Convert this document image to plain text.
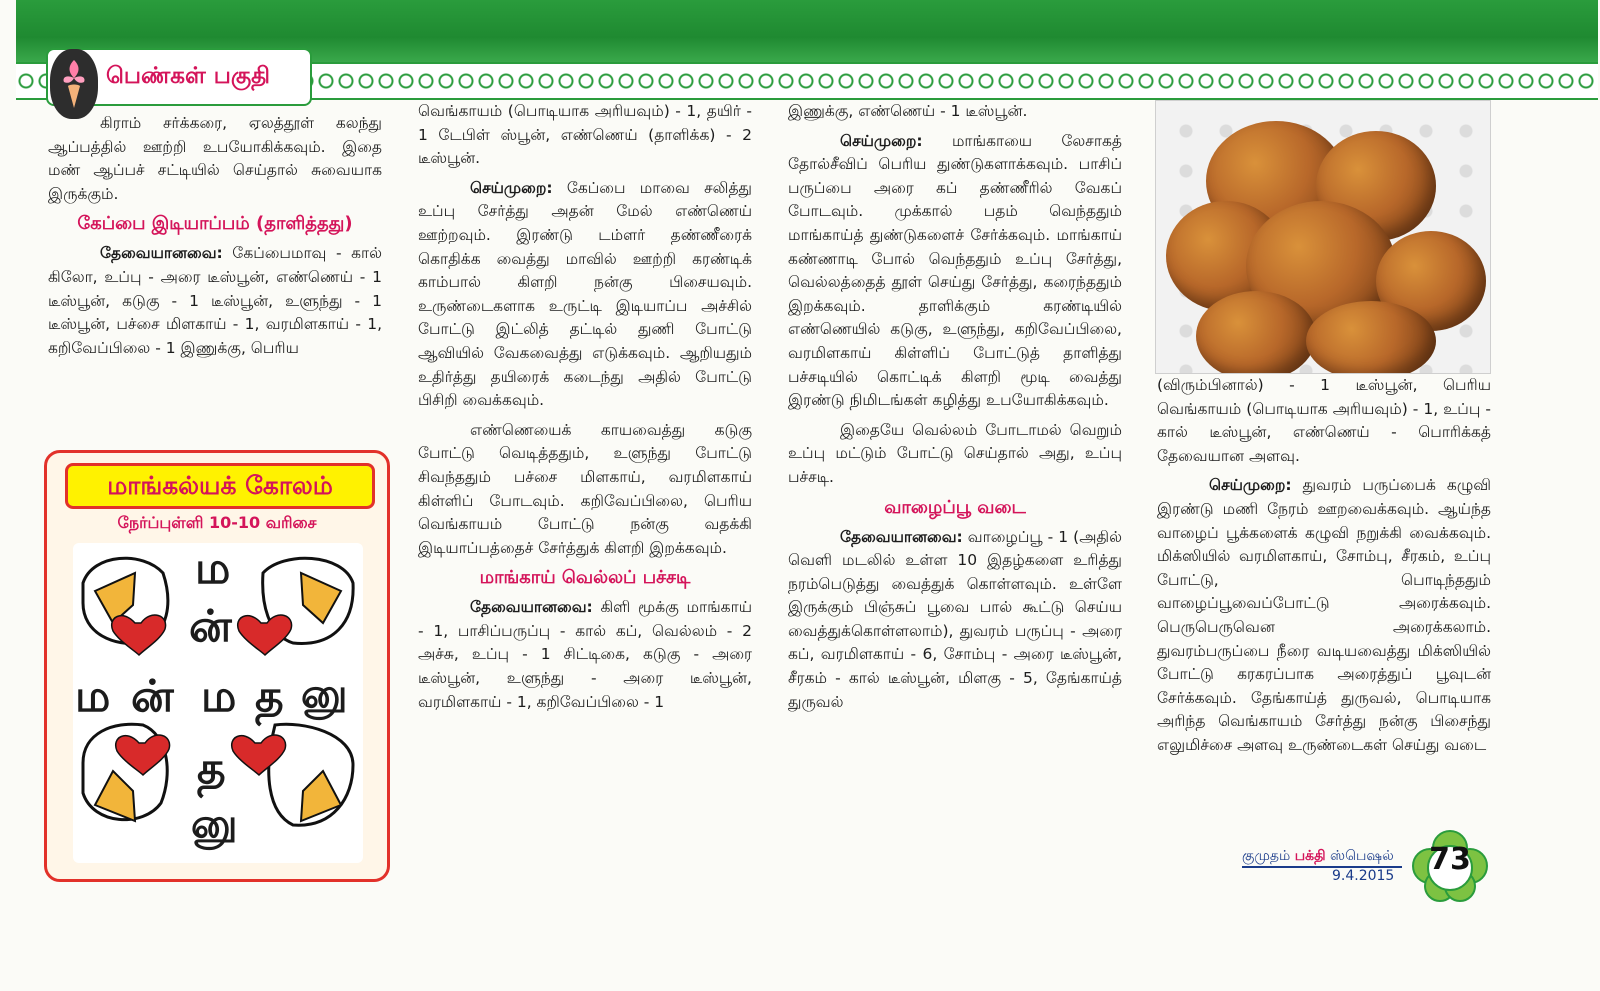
பெண்கள் பகுதி

கிராம் சர்க்கரை, ஏலத்தூள் கலந்து ஆப்பத்தில் ஊற்றி உபயோகிக்கவும். இதை மண் ஆப்பச் சட்டியில் செய்தால் சுவையாக இருக்கும்.

கேப்பை இடியாப்பம் (தாளித்தது)

தேவையானவை: கேப்பைமாவு - கால் கிலோ, உப்பு - அரை டீஸ்பூன், எண்ணெய் - 1 டீஸ்பூன், கடுகு - 1 டீஸ்பூன், உளுந்து - 1 டீஸ்பூன், பச்சை மிளகாய் - 1, வரமிளகாய் - 1, கறிவேப்பிலை - 1 இணுக்கு, பெரிய

மாங்கல்யக் கோலம்
நேர்ப்புள்ளி 10-10 வரிசை
ம
ன்
ம ன் ம த னு
த
னு

வெங்காயம் (பொடியாக அரியவும்) - 1, தயிர் - 1 டேபிள் ஸ்பூன், எண்ணெய் (தாளிக்க) - 2 டீஸ்பூன்.

செய்முறை: கேப்பை மாவை சலித்து உப்பு சேர்த்து அதன் மேல் எண்ணெய் ஊற்றவும். இரண்டு டம்ளர் தண்ணீரைக் கொதிக்க வைத்து மாவில் ஊற்றி கரண்டிக் காம்பால் கிளறி நன்கு பிசையவும். உருண்டைகளாக உருட்டி இடியாப்ப அச்சில் போட்டு இட்லித் தட்டில் துணி போட்டு ஆவியில் வேகவைத்து எடுக்கவும். ஆறியதும் உதிர்த்து தயிரைக் கடைந்து அதில் போட்டு பிசிறி வைக்கவும்.

எண்ணெயைக் காயவைத்து கடுகு போட்டு வெடித்ததும், உளுந்து போட்டு சிவந்ததும் பச்சை மிளகாய், வரமிளகாய் கிள்ளிப் போடவும். கறிவேப்பிலை, பெரிய வெங்காயம் போட்டு நன்கு வதக்கி இடியாப்பத்தைச் சேர்த்துக் கிளறி இறக்கவும்.

மாங்காய் வெல்லப் பச்சடி

தேவையானவை: கிளி மூக்கு மாங்காய் - 1, பாசிப்பருப்பு - கால் கப், வெல்லம் - 2 அச்சு, உப்பு - 1 சிட்டிகை, கடுகு - அரை டீஸ்பூன், உளுந்து - அரை டீஸ்பூன், வரமிளகாய் - 1, கறிவேப்பிலை - 1

இணுக்கு, எண்ணெய் - 1 டீஸ்பூன்.

செய்முறை: மாங்காயை லேசாகத் தோல்சீவிப் பெரிய துண்டுகளாக்கவும். பாசிப் பருப்பை அரை கப் தண்ணீரில் வேகப் போடவும். முக்கால் பதம் வெந்ததும் மாங்காய்த் துண்டுகளைச் சேர்க்கவும். மாங்காய் கண்ணாடி போல் வெந்ததும் உப்பு சேர்த்து, வெல்லத்தைத் தூள் செய்து சேர்த்து, கரைந்ததும் இறக்கவும். தாளிக்கும் கரண்டியில் எண்ணெயில் கடுகு, உளுந்து, கறிவேப்பிலை, வரமிளகாய் கிள்ளிப் போட்டுத் தாளித்து பச்சடியில் கொட்டிக் கிளறி மூடி வைத்து இரண்டு நிமிடங்கள் கழித்து உபயோகிக்கவும்.

இதையே வெல்லம் போடாமல் வெறும் உப்பு மட்டும் போட்டு செய்தால் அது, உப்பு பச்சடி.

வாழைப்பூ வடை

தேவையானவை: வாழைப்பூ - 1 (அதில் வெளி மடலில் உள்ள 10 இதழ்களை உரித்து நரம்பெடுத்து வைத்துக் கொள்ளவும். உள்ளே இருக்கும் பிஞ்சுப் பூவை பால் கூட்டு செய்ய வைத்துக்கொள்ளலாம்), துவரம் பருப்பு - அரை கப், வரமிளகாய் - 6, சோம்பு - அரை டீஸ்பூன், சீரகம் - கால் டீஸ்பூன், மிளகு - 5, தேங்காய்த் துருவல்

(விரும்பினால்) - 1 டீஸ்பூன், பெரிய வெங்காயம் (பொடியாக அரியவும்) - 1, உப்பு - கால் டீஸ்பூன், எண்ணெய் - பொரிக்கத் தேவையான அளவு.

செய்முறை: துவரம் பருப்பைக் கழுவி இரண்டு மணி நேரம் ஊறவைக்கவும். ஆய்ந்த வாழைப் பூக்களைக் கழுவி நறுக்கி வைக்கவும். மிக்ஸியில் வரமிளகாய், சோம்பு, சீரகம், உப்பு போட்டு, பொடிந்ததும் வாழைப்பூவைப்போட்டு அரைக்கவும். பெருபெருவென அரைக்கலாம். துவரம்பருப்பை நீரை வடியவைத்து மிக்ஸியில் போட்டு கரகரப்பாக அரைத்துப் பூவுடன் சேர்க்கவும். தேங்காய்த் துருவல், பொடியாக அரிந்த வெங்காயம் சேர்த்து நன்கு பிசைந்து எலுமிச்சை அளவு உருண்டைகள் செய்து வடை

குமுதம் பக்தி ஸ்பெஷல்
9.4.2015	73
